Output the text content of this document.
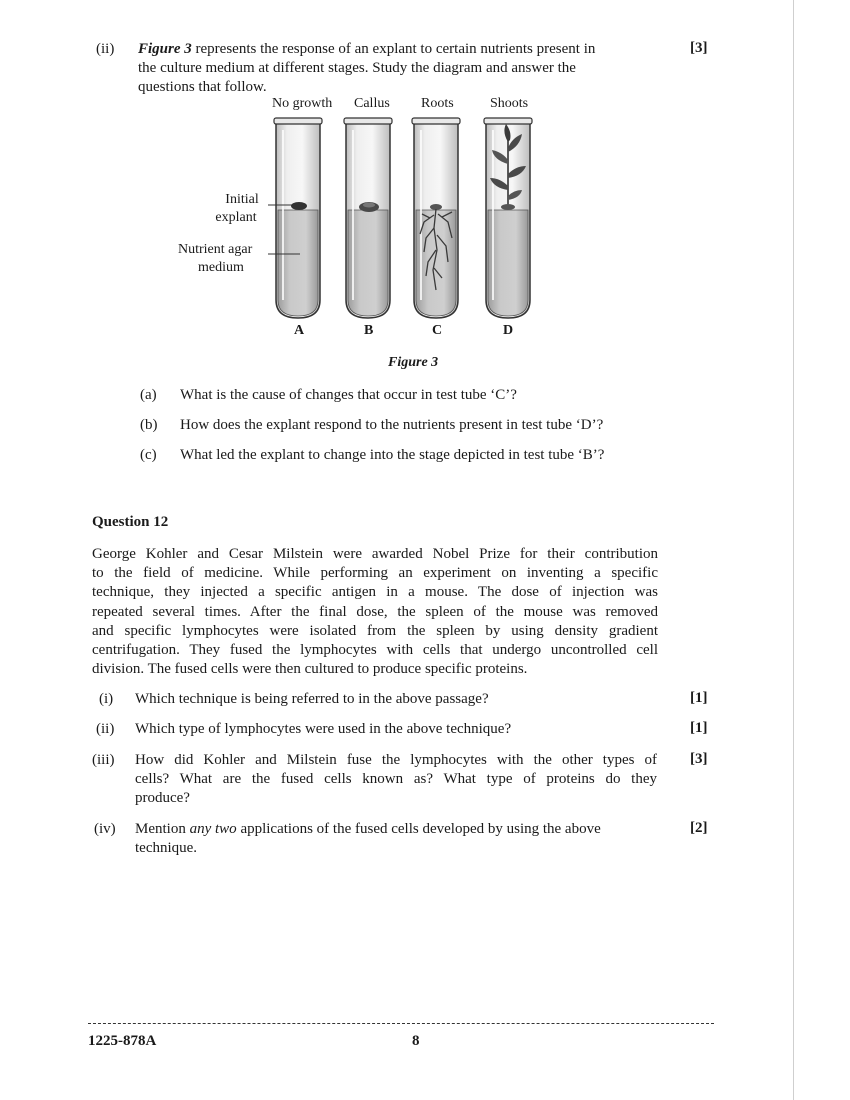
(ii) Figure 3 represents the response of an explant to certain nutrients present in
the culture medium at different stages. Study the diagram and answer the
questions that follow.
[3]
No growth Callus Roots	Shoots
Initial
explant
Nutrient agar
medium
A	B	C	D
Figure 3
(a) What is the cause of changes that occur in test tube ‘C’?
(b) How does the explant respond to the nutrients present in test tube ‘D’?
(c) What led the explant to change into the stage depicted in test tube ‘B’?
Question 12
George Kohler and Cesar Milstein were awarded Nobel Prize for their contribution
to the field of medicine. While performing an experiment on inventing a specific
technique, they injected a specific antigen in a mouse. The dose of injection was
repeated several times. After the final dose, the spleen of the mouse was removed
and specific lymphocytes were isolated from the spleen by using density gradient
centrifugation. They fused the lymphocytes with cells that undergo uncontrolled cell
division. The fused cells were then cultured to produce specific proteins.
(i) Which technique is being referred to in the above passage?	[1]
(ii) Which type of lymphocytes were used in the above technique?	[1]
(iii) How did Kohler and Milstein fuse the lymphocytes with the other types of
cells? What are the fused cells known as? What type of proteins do they
produce?
[3]
(iv) Mention any two applications of the fused cells developed by using the above
technique.
[2]
1225-878A	8
